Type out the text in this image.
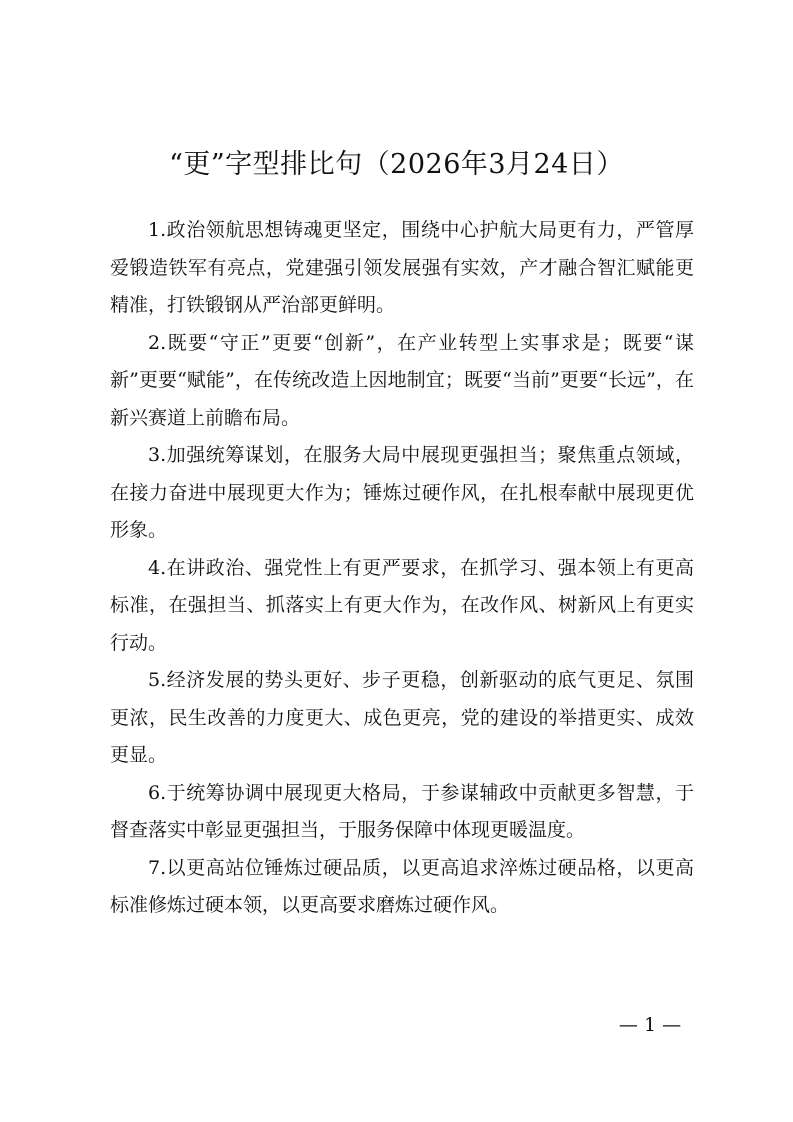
“更”字型排比句（2026年3月24日）

1.政治领航思想铸魂更坚定，围绕中心护航大局更有力，严管厚爱锻造铁军有亮点，党建强引领发展强有实效，产才融合智汇赋能更精准，打铁锻钢从严治部更鲜明。

2.既要“守正”更要“创新”，在产业转型上实事求是；既要“谋新”更要“赋能”，在传统改造上因地制宜；既要“当前”更要“长远”，在新兴赛道上前瞻布局。

3.加强统筹谋划，在服务大局中展现更强担当；聚焦重点领域，在接力奋进中展现更大作为；锤炼过硬作风，在扎根奉献中展现更优形象。

4.在讲政治、强党性上有更严要求，在抓学习、强本领上有更高标准，在强担当、抓落实上有更大作为，在改作风、树新风上有更实行动。

5.经济发展的势头更好、步子更稳，创新驱动的底气更足、氛围更浓，民生改善的力度更大、成色更亮，党的建设的举措更实、成效更显。

6.于统筹协调中展现更大格局，于参谋辅政中贡献更多智慧，于督查落实中彰显更强担当，于服务保障中体现更暖温度。

7.以更高站位锤炼过硬品质，以更高追求淬炼过硬品格，以更高标准修炼过硬本领，以更高要求磨炼过硬作风。

— 1 —
